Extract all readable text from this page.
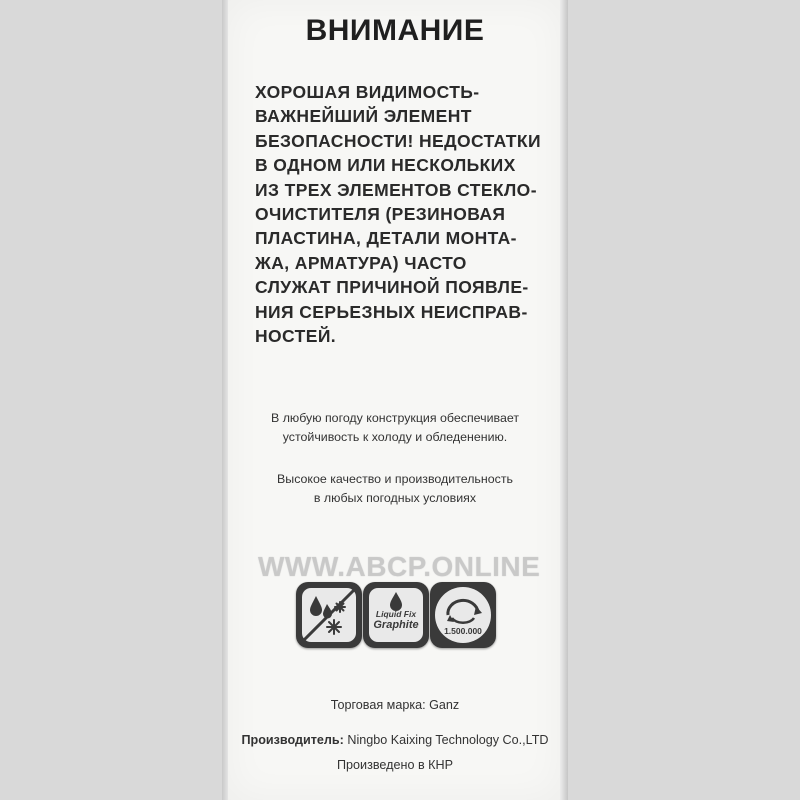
ВНИМАНИЕ
ХОРОШАЯ ВИДИМОСТЬ-
ВАЖНЕЙШИЙ ЭЛЕМЕНТ
БЕЗОПАСНОСТИ! НЕДОСТАТКИ
В ОДНОМ ИЛИ НЕСКОЛЬКИХ
ИЗ ТРЕХ ЭЛЕМЕНТОВ СТЕКЛО-
ОЧИСТИТЕЛЯ (РЕЗИНОВАЯ
ПЛАСТИНА, ДЕТАЛИ МОНТА-
ЖА, АРМАТУРА) ЧАСТО
СЛУЖАТ ПРИЧИНОЙ ПОЯВЛЕ-
НИЯ СЕРЬЕЗНЫХ НЕИСПРАВ-
НОСТЕЙ.
В любую погоду конструкция обеспечивает
устойчивость к холоду и обледенению.
Высокое качество и производительность
в любых погодных условиях
WWW.ABCP.ONLINE
Liquid Fix
Graphite	1.500.000
Торговая марка: Ganz
Производитель: Ningbo Kaixing Technology Co.,LTD
Произведено в КНР
